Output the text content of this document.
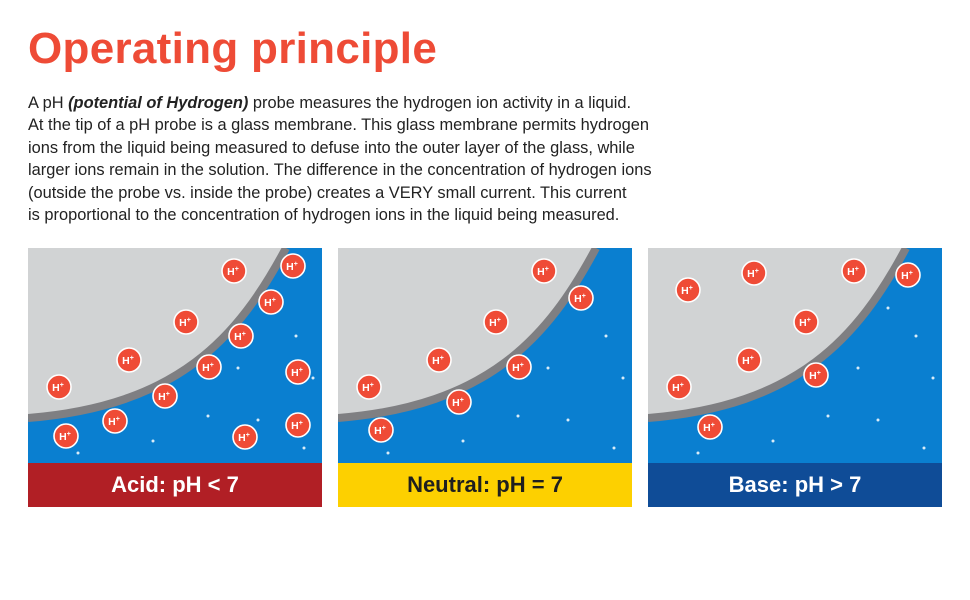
Operating principle

A pH (potential of Hydrogen) probe measures the hydrogen ion activity in a liquid.
At the tip of a pH probe is a glass membrane. This glass membrane permits hydrogen
ions from the liquid being measured to defuse into the outer layer of the glass, while
larger ions remain in the solution. The difference in the concentration of hydrogen ions
(outside the probe vs. inside the probe) creates a VERY small current. This current
is proportional to the concentration of hydrogen ions in the liquid being measured.

H+	H+
H+
H+
H+
H+
H+
H+
H+
H+
H+
H+
H+	H+
Acid: pH < 7
H+
H+
H+
H+
H+
H+
H+
H+
Neutral: pH = 7
H+
H+	H+
H+
H+
H+
H+
H+
H+
Base: pH > 7
